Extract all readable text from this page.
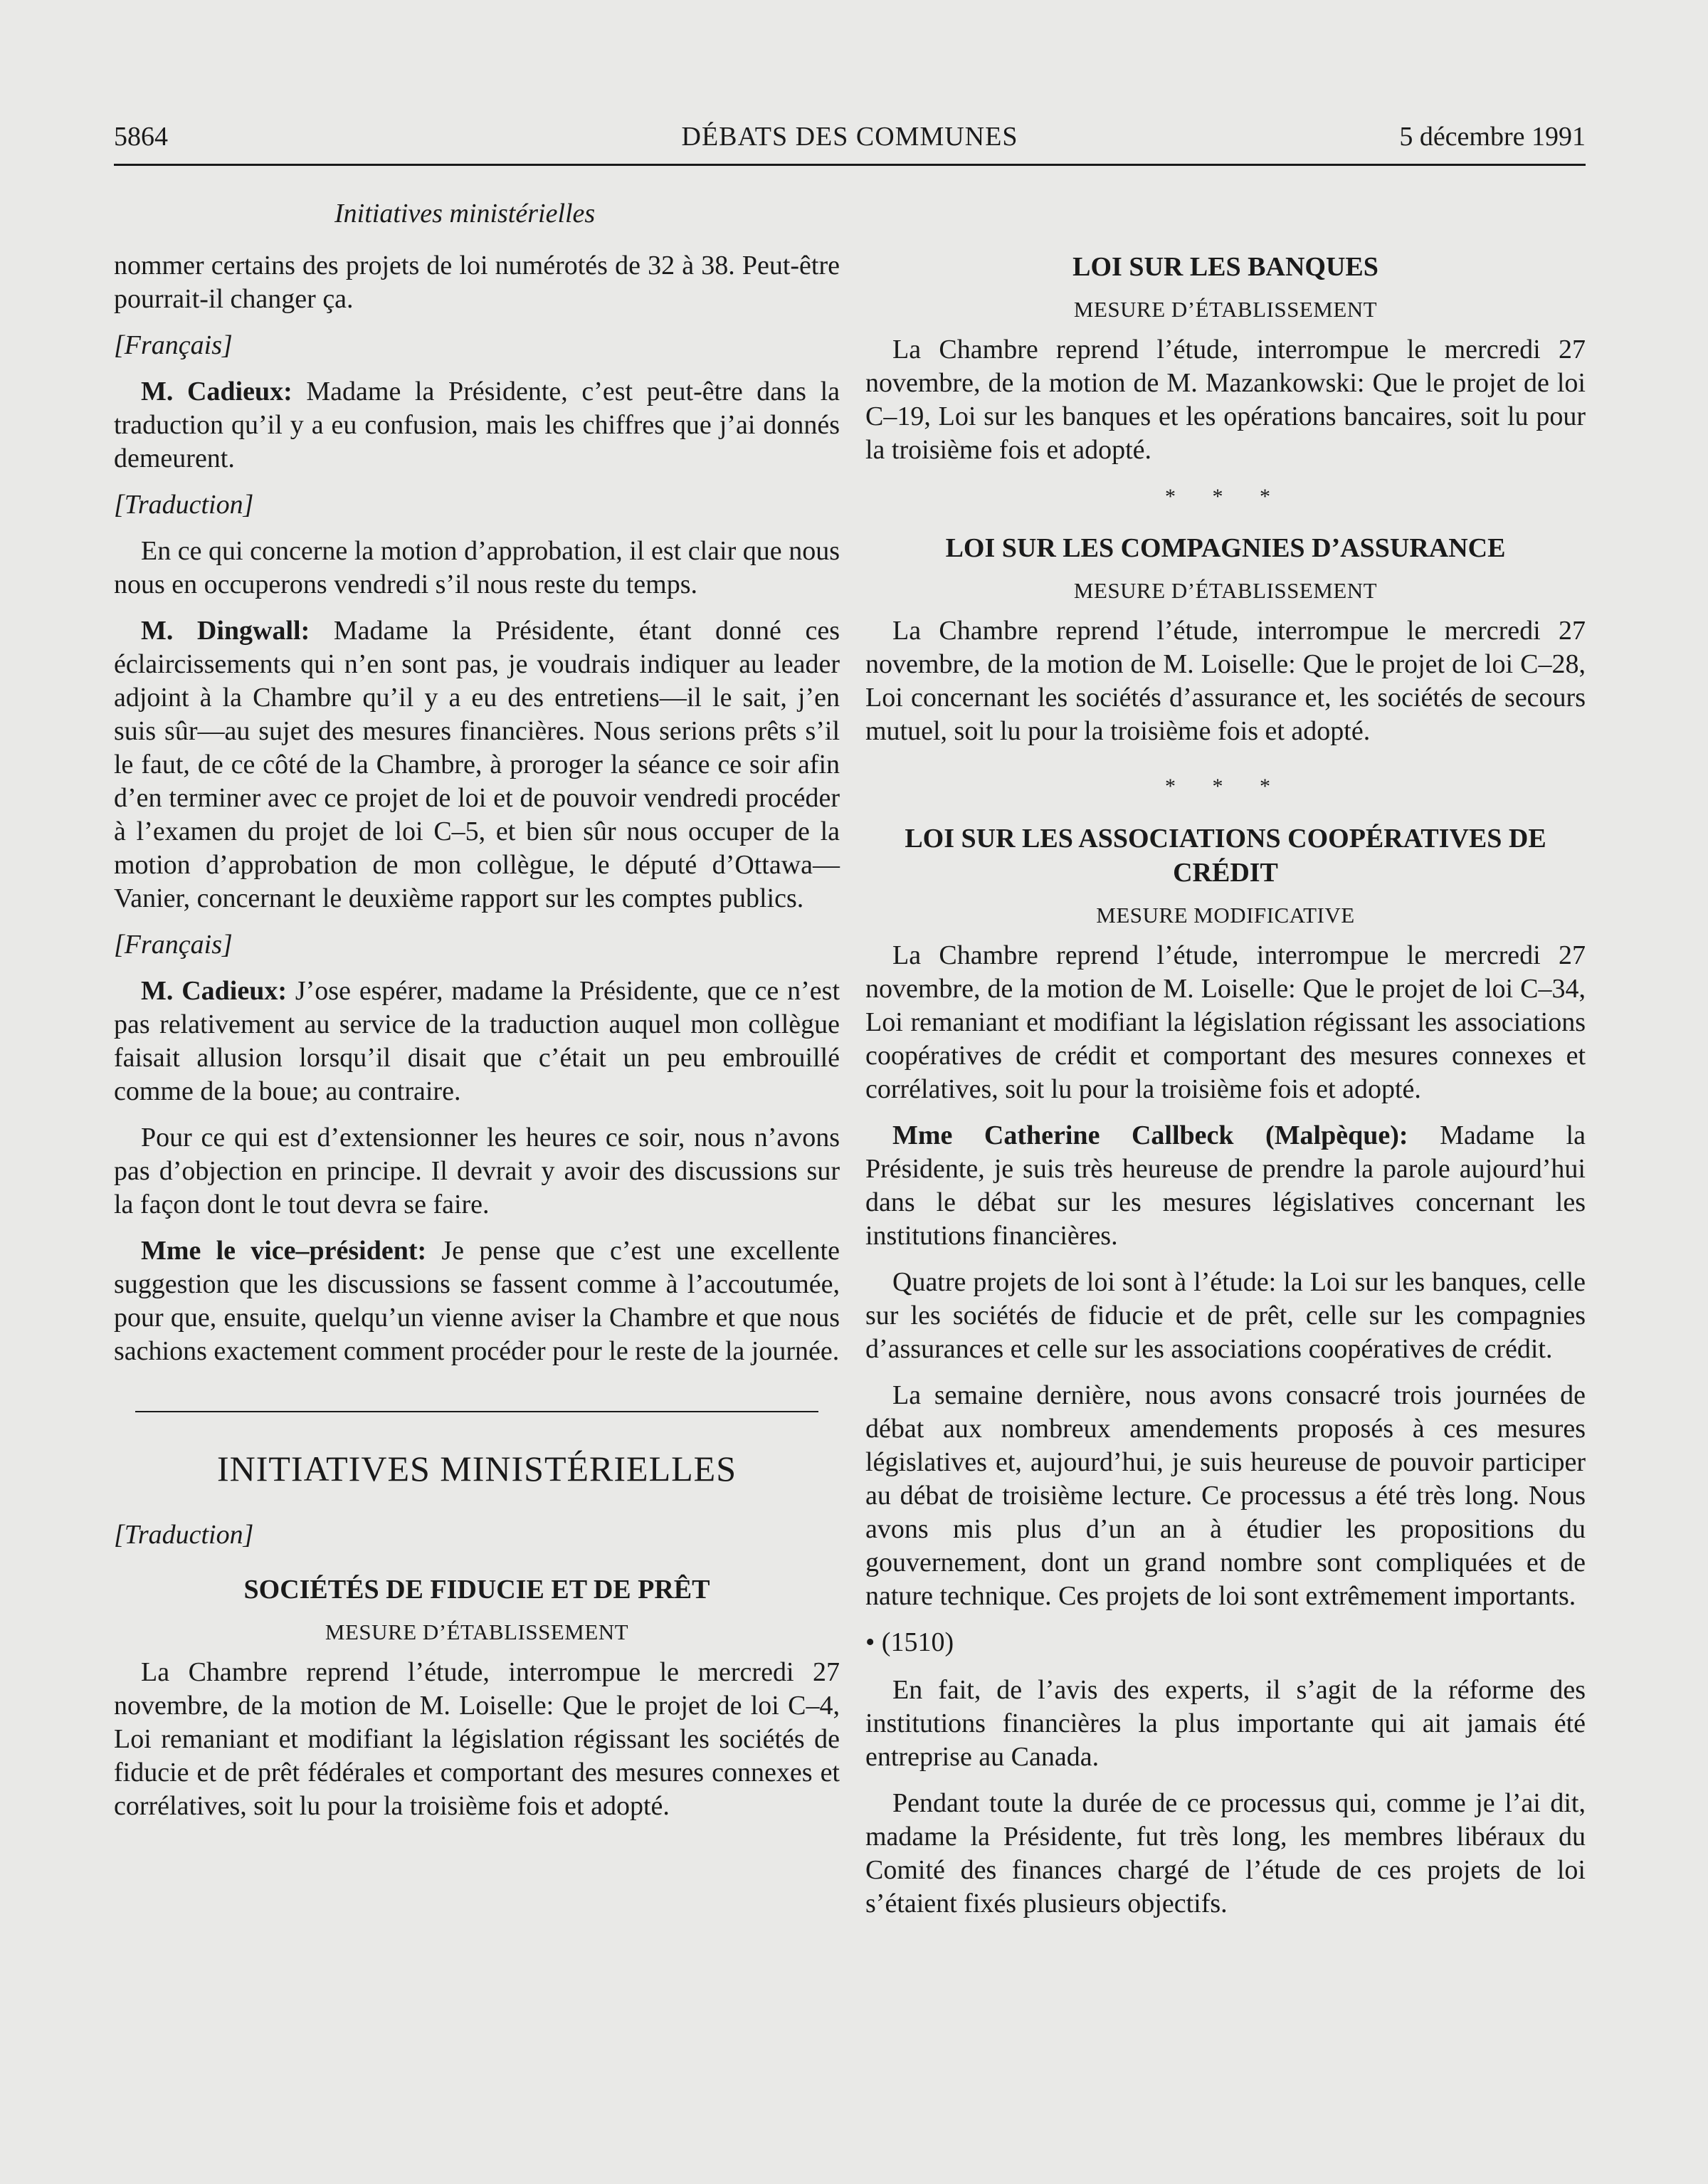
5864	DÉBATS DES COMMUNES	5 décembre 1991
Initiatives ministérielles

nommer certains des projets de loi numérotés de 32 à 38. Peut-être pourrait-il changer ça.

[Français]

M. Cadieux: Madame la Présidente, c’est peut-être dans la traduction qu’il y a eu confusion, mais les chiffres que j’ai donnés demeurent.

[Traduction]

En ce qui concerne la motion d’approbation, il est clair que nous nous en occuperons vendredi s’il nous reste du temps.

M. Dingwall: Madame la Présidente, étant donné ces éclaircissements qui n’en sont pas, je voudrais indiquer au leader adjoint à la Chambre qu’il y a eu des entretiens—il le sait, j’en suis sûr—au sujet des mesures financières. Nous serions prêts s’il le faut, de ce côté de la Chambre, à proroger la séance ce soir afin d’en terminer avec ce projet de loi et de pouvoir vendredi procéder à l’examen du projet de loi C–5, et bien sûr nous occuper de la motion d’approbation de mon collègue, le député d’Ottawa—Vanier, concernant le deuxième rapport sur les comptes publics.

[Français]

M. Cadieux: J’ose espérer, madame la Présidente, que ce n’est pas relativement au service de la traduction auquel mon collègue faisait allusion lorsqu’il disait que c’était un peu embrouillé comme de la boue; au contraire.

Pour ce qui est d’extensionner les heures ce soir, nous n’avons pas d’objection en principe. Il devrait y avoir des discussions sur la façon dont le tout devra se faire.

Mme le vice–président: Je pense que c’est une excellente suggestion que les discussions se fassent comme à l’accoutumée, pour que, ensuite, quelqu’un vienne aviser la Chambre et que nous sachions exactement comment procéder pour le reste de la journée.

INITIATIVES MINISTÉRIELLES

[Traduction]

SOCIÉTÉS DE FIDUCIE ET DE PRÊT
MESURE D’ÉTABLISSEMENT

La Chambre reprend l’étude, interrompue le mercredi 27 novembre, de la motion de M. Loiselle: Que le projet de loi C–4, Loi remaniant et modifiant la législation régissant les sociétés de fiducie et de prêt fédérales et comportant des mesures connexes et corrélatives, soit lu pour la troisième fois et adopté.

LOI SUR LES BANQUES
MESURE D’ÉTABLISSEMENT

La Chambre reprend l’étude, interrompue le mercredi 27 novembre, de la motion de M. Mazankowski: Que le projet de loi C–19, Loi sur les banques et les opérations bancaires, soit lu pour la troisième fois et adopté.

* * *
LOI SUR LES COMPAGNIES D’ASSURANCE
MESURE D’ÉTABLISSEMENT

La Chambre reprend l’étude, interrompue le mercredi 27 novembre, de la motion de M. Loiselle: Que le projet de loi C–28, Loi concernant les sociétés d’assurance et, les sociétés de secours mutuel, soit lu pour la troisième fois et adopté.

* * *
LOI SUR LES ASSOCIATIONS COOPÉRATIVES DE CRÉDIT
MESURE MODIFICATIVE

La Chambre reprend l’étude, interrompue le mercredi 27 novembre, de la motion de M. Loiselle: Que le projet de loi C–34, Loi remaniant et modifiant la législation régissant les associations coopératives de crédit et comportant des mesures connexes et corrélatives, soit lu pour la troisième fois et adopté.

Mme Catherine Callbeck (Malpèque): Madame la Présidente, je suis très heureuse de prendre la parole aujourd’hui dans le débat sur les mesures législatives concernant les institutions financières.

Quatre projets de loi sont à l’étude: la Loi sur les banques, celle sur les sociétés de fiducie et de prêt, celle sur les compagnies d’assurances et celle sur les associations coopératives de crédit.

La semaine dernière, nous avons consacré trois journées de débat aux nombreux amendements proposés à ces mesures législatives et, aujourd’hui, je suis heureuse de pouvoir participer au débat de troisième lecture. Ce processus a été très long. Nous avons mis plus d’un an à étudier les propositions du gouvernement, dont un grand nombre sont compliquées et de nature technique. Ces projets de loi sont extrêmement importants.

• (1510)

En fait, de l’avis des experts, il s’agit de la réforme des institutions financières la plus importante qui ait jamais été entreprise au Canada.

Pendant toute la durée de ce processus qui, comme je l’ai dit, madame la Présidente, fut très long, les membres libéraux du Comité des finances chargé de l’étude de ces projets de loi s’étaient fixés plusieurs objectifs.
